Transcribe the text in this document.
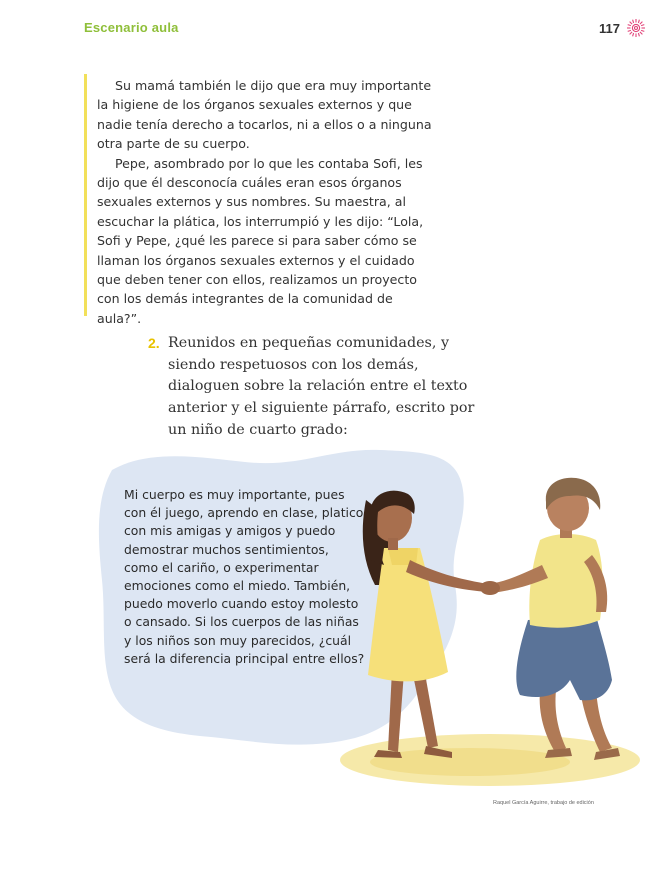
Escenario aula	117

Su mamá también le dijo que era muy importante la higiene de los órganos sexuales externos y que nadie tenía derecho a tocarlos, ni a ellos o a ninguna otra parte de su cuerpo.

Pepe, asombrado por lo que les contaba Sofi, les dijo que él desconocía cuáles eran esos órganos sexuales externos y sus nombres. Su maestra, al escuchar la plática, los interrumpió y les dijo: “Lola, Sofi y Pepe, ¿qué les parece si para saber cómo se llaman los órganos sexuales externos y el cuidado que deben tener con ellos, realizamos un proyecto con los demás integrantes de la comunidad de aula?”.

2. Reunidos en pequeñas comunidades, y siendo respetuosos con los demás, dialoguen sobre la relación entre el texto anterior y el siguiente párrafo, escrito por un niño de cuarto grado:
Mi cuerpo es muy importante, pues con él juego, aprendo en clase, platico con mis amigas y amigos y puedo demostrar muchos sentimientos, como el cariño, o experimentar emociones como el miedo. También, puedo moverlo cuando estoy molesto o cansado. Si los cuerpos de las niñas y los niños son muy parecidos, ¿cuál será la diferencia principal entre ellos?
Raquel García Aguirre, trabajo de edición
